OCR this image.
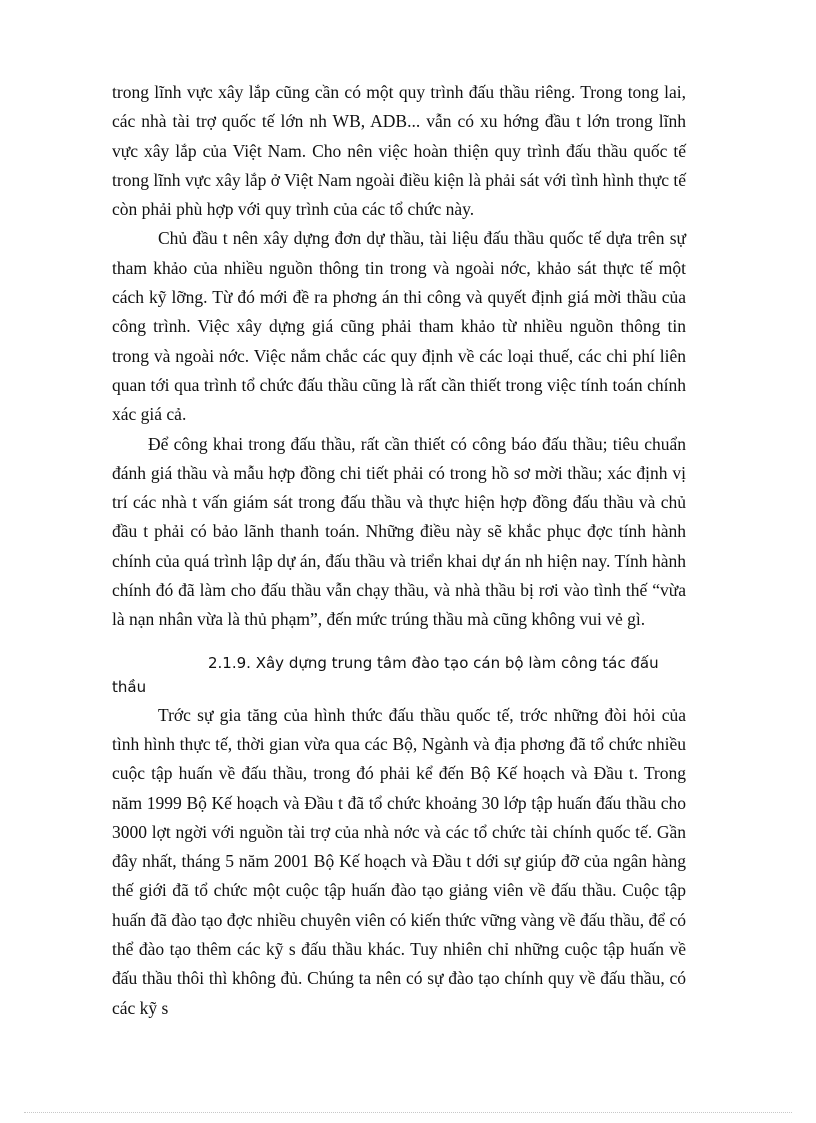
trong lĩnh vực xây lắp cũng cần có một quy trình đấu thầu riêng. Trong tong lai, các nhà tài trợ quốc tế lớn nh WB, ADB... vẫn có xu hớng đầu t lớn trong lĩnh vực xây lắp của Việt Nam. Cho nên việc hoàn thiện quy trình đấu thầu quốc tế trong lĩnh vực xây lắp ở Việt Nam ngoài điều kiện là phải sát với tình hình thực tế còn phải phù hợp với quy trình của các tổ chức này.

Chủ đầu t nên xây dựng đơn dự thầu, tài liệu đấu thầu quốc tế dựa trên sự tham khảo của nhiều nguồn thông tin trong và ngoài nớc, khảo sát thực tế một cách kỹ lỡng. Từ đó mới đề ra phơng án thi công và quyết định giá mời thầu của công trình. Việc xây dựng giá cũng phải tham khảo từ nhiều nguồn thông tin trong và ngoài nớc. Việc nắm chắc các quy định về các loại thuế, các chi phí liên quan tới qua trình tổ chức đấu thầu cũng là rất cần thiết trong việc tính toán chính xác giá cả.

Để công khai trong đấu thầu, rất cần thiết có công báo đấu thầu; tiêu chuẩn đánh giá thầu và mẫu hợp đồng chi tiết phải có trong hồ sơ mời thầu; xác định vị trí các nhà t vấn giám sát trong đấu thầu và thực hiện hợp đồng đấu thầu và chủ đầu t phải có bảo lãnh thanh toán. Những điều này sẽ khắc phục đợc tính hành chính của quá trình lập dự án, đấu thầu và triển khai dự án nh hiện nay. Tính hành chính đó đã làm cho đấu thầu vẫn chạy thầu, và nhà thầu bị rơi vào tình thế “vừa là nạn nhân vừa là thủ phạm”, đến mức trúng thầu mà cũng không vui vẻ gì.

2.1.9. Xây dựng trung tâm đào tạo cán bộ làm công tác đấu thầu

Trớc sự gia tăng của hình thức đấu thầu quốc tế, trớc những đòi hỏi của tình hình thực tế, thời gian vừa qua các Bộ, Ngành và địa phơng đã tổ chức nhiều cuộc tập huấn về đấu thầu, trong đó phải kể đến Bộ Kế hoạch và Đầu t. Trong năm 1999 Bộ Kế hoạch và Đầu t đã tổ chức khoảng 30 lớp tập huấn đấu thầu cho 3000 lợt ngời với nguồn tài trợ của nhà nớc và các tổ chức tài chính quốc tế. Gần đây nhất, tháng 5 năm 2001 Bộ Kế hoạch và Đầu t dới sự giúp đỡ của ngân hàng thế giới đã tổ chức một cuộc tập huấn đào tạo giảng viên về đấu thầu. Cuộc tập huấn đã đào tạo đợc nhiều chuyên viên có kiến thức vững vàng về đấu thầu, để có thể đào tạo thêm các kỹ s đấu thầu khác. Tuy nhiên chỉ những cuộc tập huấn về đấu thầu thôi thì không đủ. Chúng ta nên có sự đào tạo chính quy về đấu thầu, có các kỹ s
